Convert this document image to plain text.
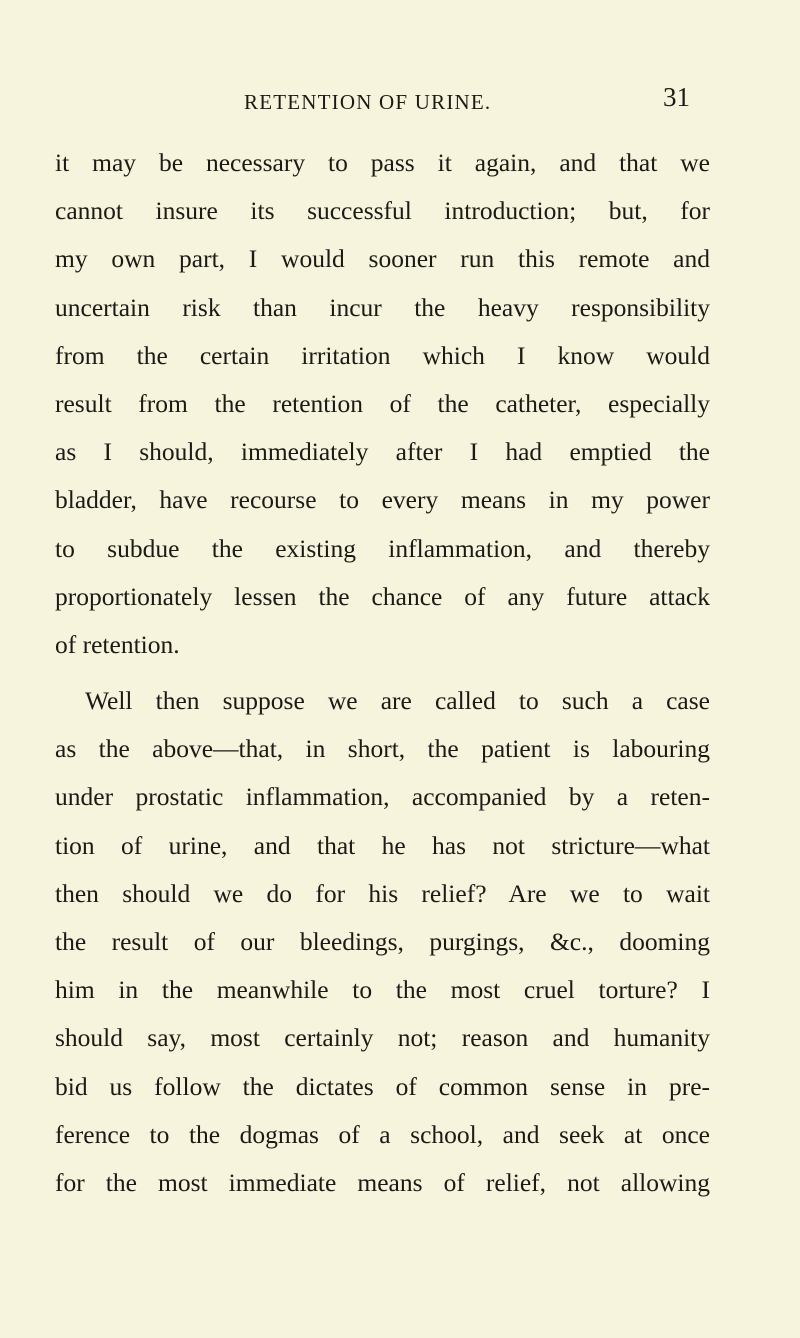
RETENTION OF URINE.	31
it may be necessary to pass it again, and that we
cannot insure its successful introduction; but, for
my own part, I would sooner run this remote and
uncertain risk than incur the heavy responsibility
from the certain irritation which I know would
result from the retention of the catheter, especially
as I should, immediately after I had emptied the
bladder, have recourse to every means in my power
to subdue the existing inflammation, and thereby
proportionately lessen the chance of any future attack
of retention.
Well then suppose we are called to such a case
as the above—that, in short, the patient is labouring
under prostatic inflammation, accompanied by a reten-
tion of urine, and that he has not stricture—what
then should we do for his relief? Are we to wait
the result of our bleedings, purgings, &c., dooming
him in the meanwhile to the most cruel torture? I
should say, most certainly not; reason and humanity
bid us follow the dictates of common sense in pre-
ference to the dogmas of a school, and seek at once
for the most immediate means of relief, not allowing
